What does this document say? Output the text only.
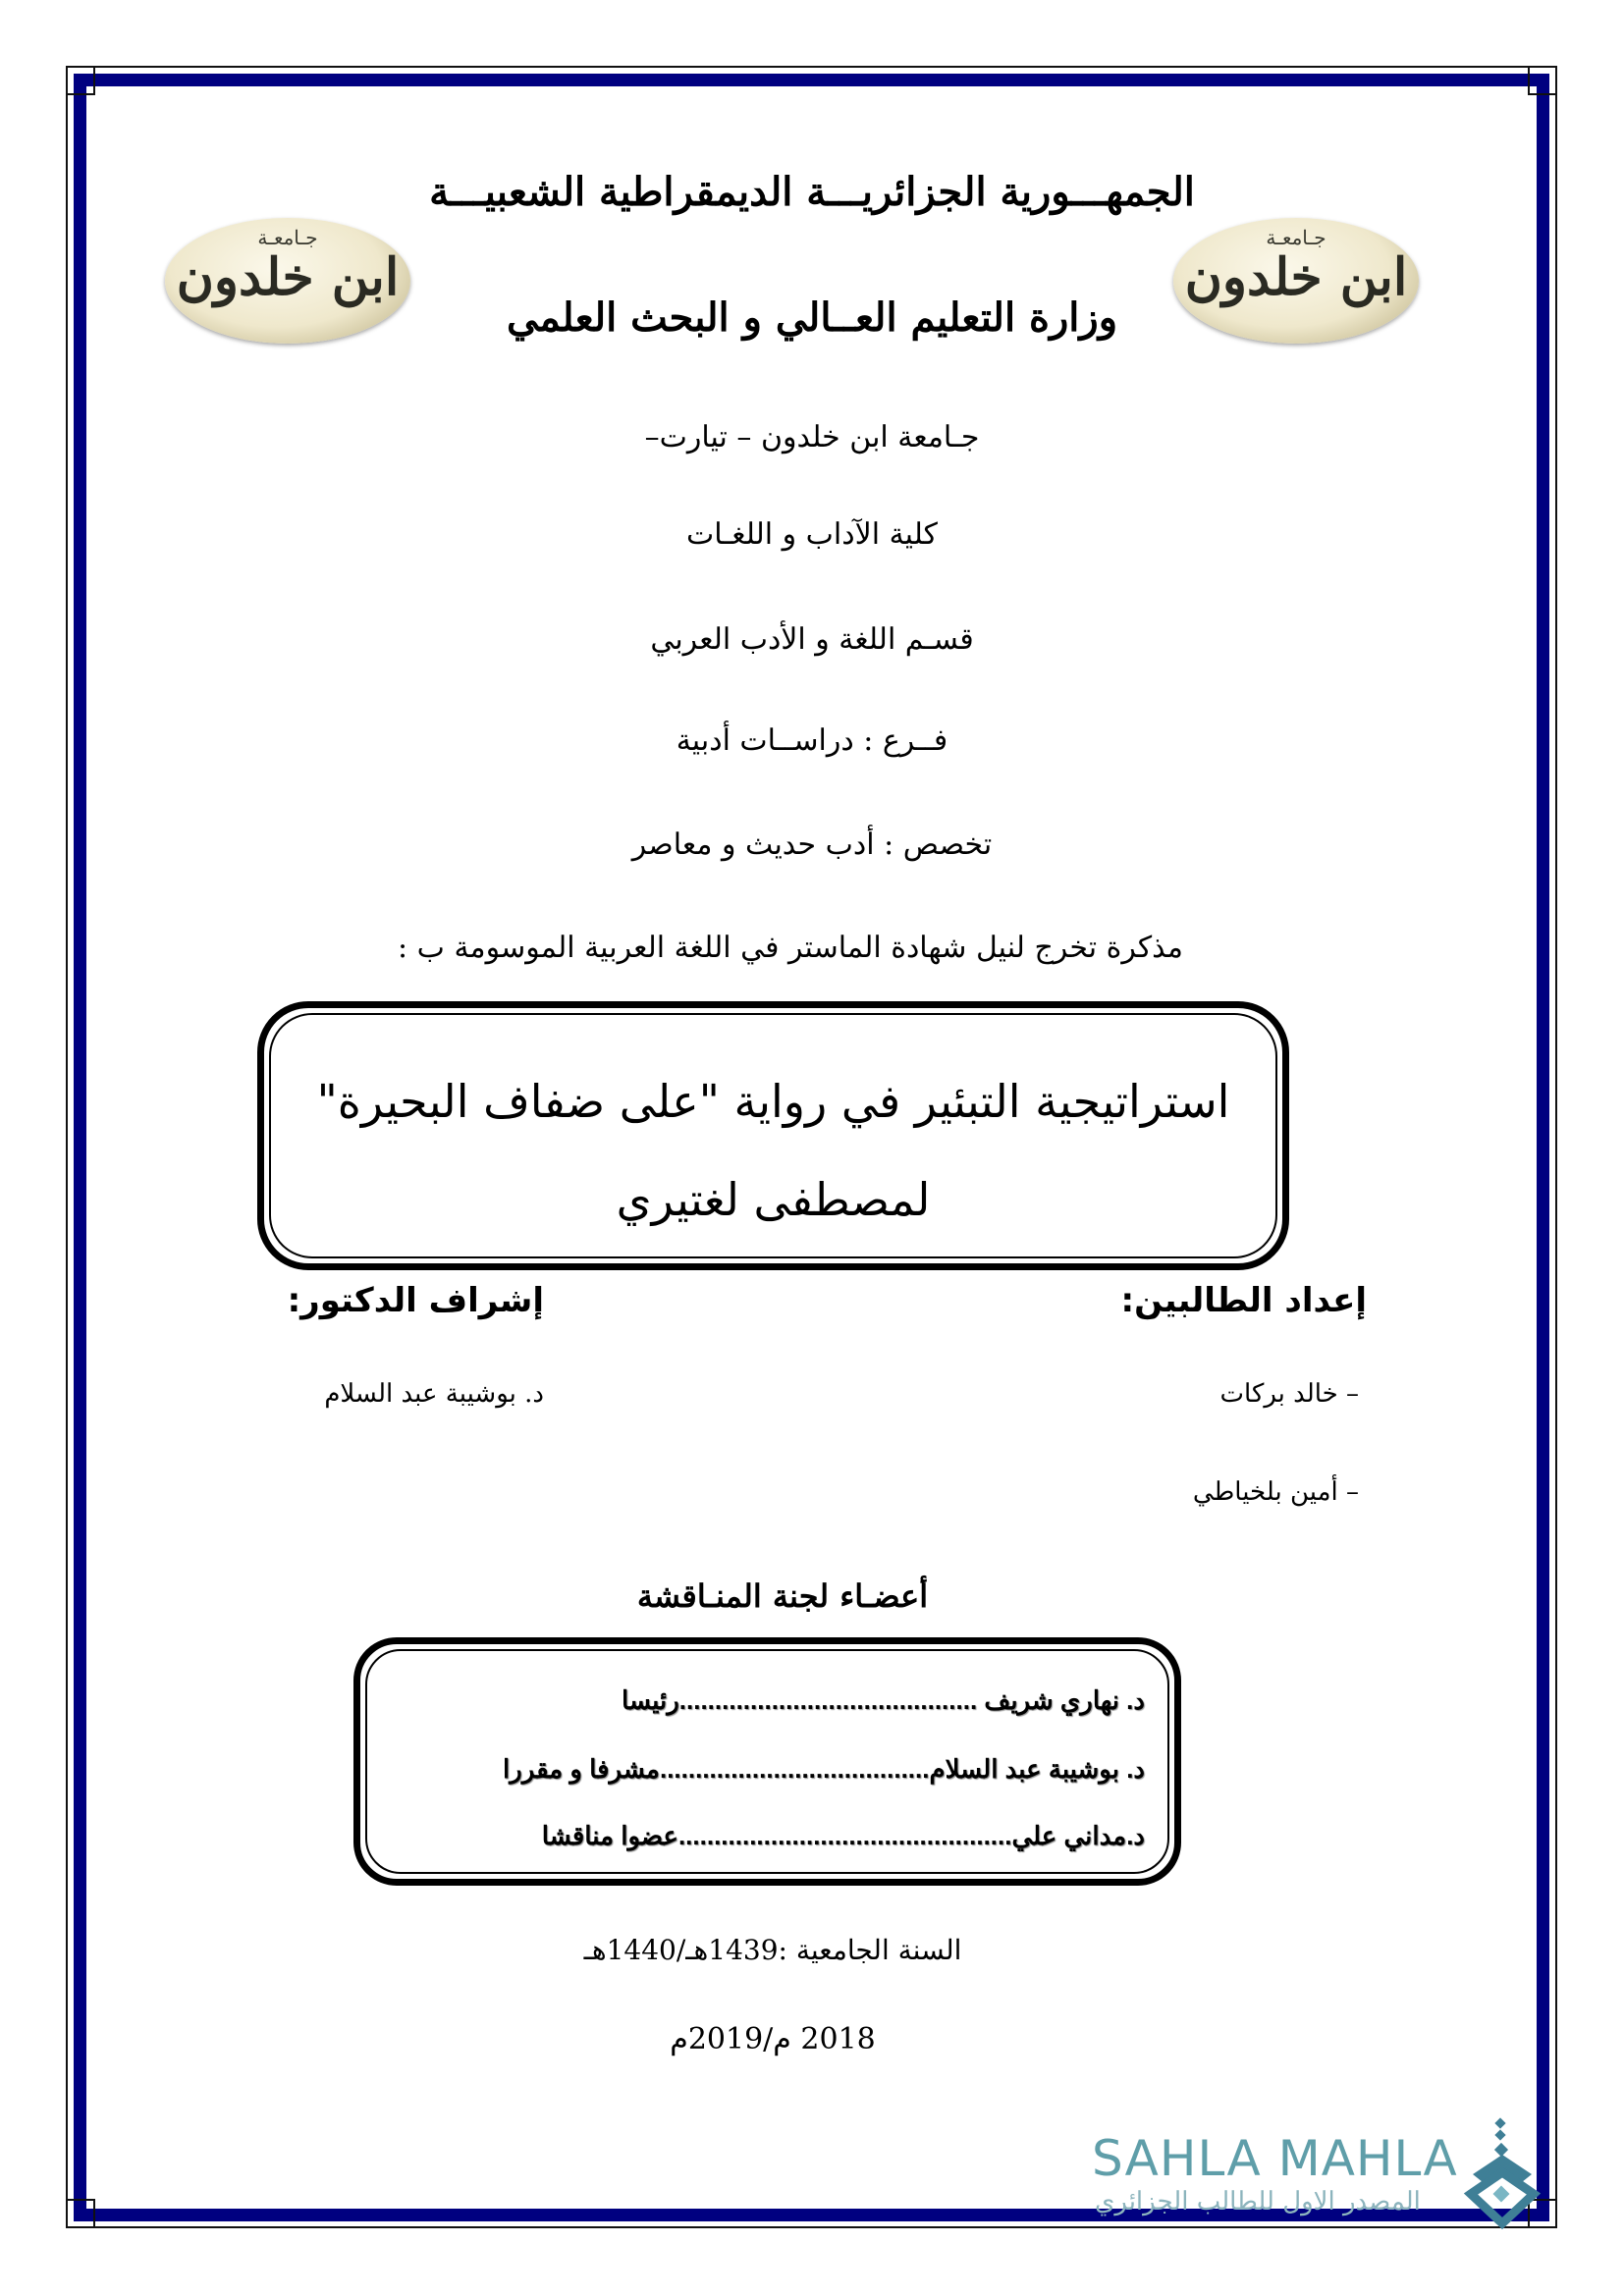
الجمهـــورية الجزائريـــة الديمقراطية الشعبيـــة
وزارة التعليم العــالي و البحث العلمي
جـامعـة
ابن خلدون
جـامعـة
ابن خلدون
جـامعة ابن خلدون – تيارت–
كلية الآداب و اللغـات
قسـم اللغة و الأدب العربي
فــرع : دراســات أدبية
تخصص : أدب حديث و معاصر
مذكرة تخرج لنيل شهادة الماستر في اللغة العربية الموسومة ب :
استراتيجية التبئير في رواية "على ضفاف البحيرة"
لمصطفى لغتيري
إعداد الطالبين:
إشراف الدكتور:
– خالد بركات
– أمين بلخياطي
د. بوشيبة عبد السلام
أعضـاء لجنة المنـاقشة
د. نهاري شريف ..........................................رئيسا
د. بوشيبة عبد السلام......................................مشرفا و مقررا
د.مداني علي...............................................عضوا مناقشا
السنة الجامعية :1439هـ/1440هـ
2018 م/2019م
SAHLA MAHLA
المصدر الاول للطالب الجزائري
